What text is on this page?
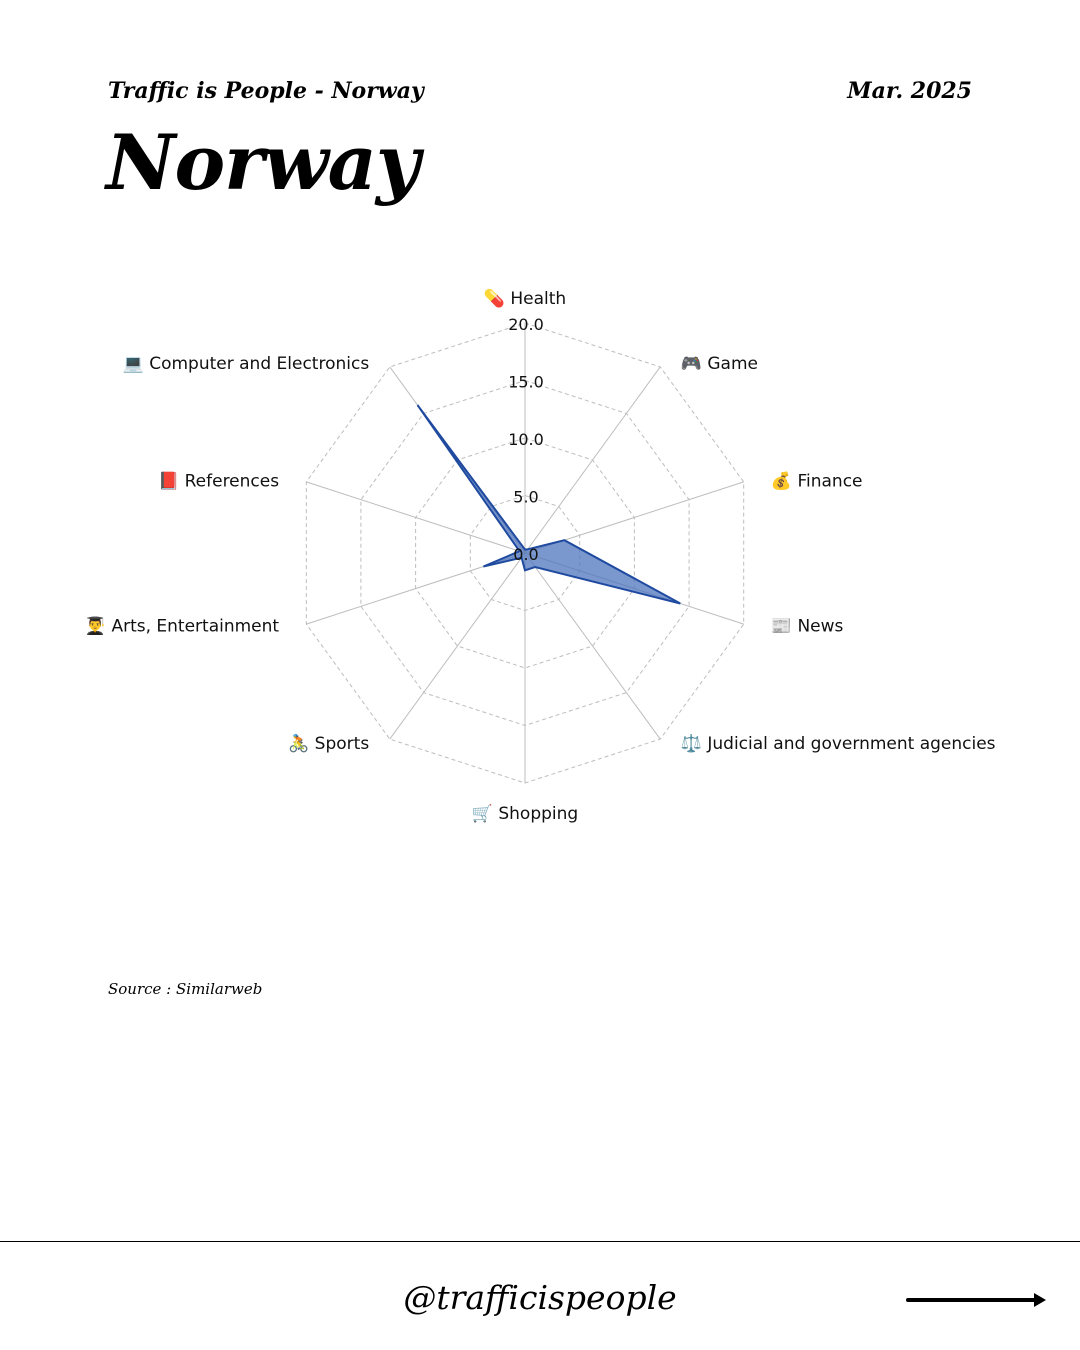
Traffic is People - Norway	Mar. 2025
Norway
0.0
5.0
10.0
15.0
20.0
💊 Health
🎮 Game
💰 Finance
📰 News
⚖️ Judicial and government agencies
🛒 Shopping
🚴 Sports
👨‍🎓 Arts, Entertainment
📕 References
💻 Computer and Electronics
Source : Similarweb
@trafficispeople
